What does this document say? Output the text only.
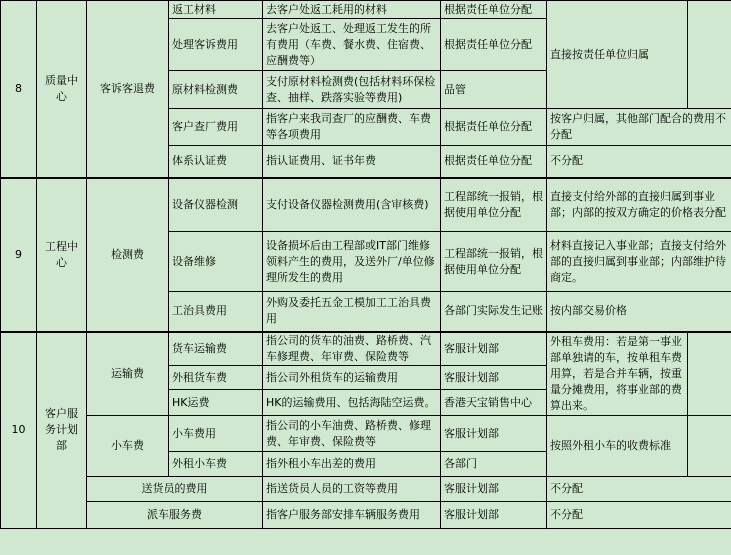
8	质量中心	客诉客退费	返工材料	去客户处返工耗用的材料	根据责任单位分配	直接按责任单位归属	
			处理客诉费用	去客户处返工、处理返工发生的所有费用（车费、餐水费、住宿费、应酬费等）	根据责任单位分配		
			原材料检测费	支付原材料检测费(包括材料环保检查、抽样、跌落实验等费用)	品管		
			客户查厂费用	指客户来我司查厂的应酬费、车费等各项费用	根据责任单位分配	按客户归属，其他部门配合的费用不分配	
			体系认证费	指认证费用、证书年费	根据责任单位分配	不分配	
9	工程中心	检测费	设备仪器检测	支付设备仪器检测费用(含审核费)	工程部统一报销，根据使用单位分配	直接支付给外部的直接归属到事业部；内部的按双方确定的价格表分配	
			设备维修	设备损坏后由工程部或IT部门维修领料产生的费用，及送外厂/单位修理所发生的费用	工程部统一报销，根据使用单位分配	材料直接记入事业部；直接支付给外部的直接归属到事业部；内部维护待商定。	
			工治具费用	外购及委托五金工模加工工治具费用	各部门实际发生记账	按内部交易价格	
10	客户服务计划部	运输费	货车运输费	指公司的货车的油费、路桥费、汽车修理费、年审费、保险费等	客服计划部	外租车费用：若是第一事业部单独请的车，按单租车费用算，若是合并车辆，按重量分摊费用，将事业部的费算出来。	
			外租货车费	指公司外租货车的运输费用	客服计划部		
			HK运费	HK的运输费用、包括海陆空运费。	香港天宝销售中心		
		小车费	小车费用	指公司的小车油费、路桥费、修理费、年审费、保险费等	客服计划部	按照外租小车的收费标准	
			外租小车费	指外租小车出差的费用	各部门		
		送货员的费用		指送货员人员的工资等费用	客服计划部	不分配	
		派车服务费		指客户服务部安排车辆服务费用	客服计划部	不分配	
